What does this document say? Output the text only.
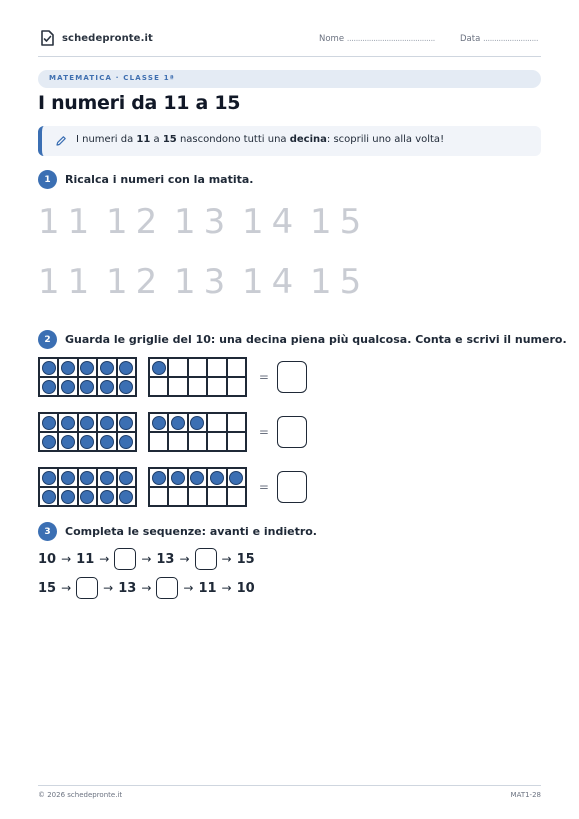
schedepronte.it	Nome ........................................	Data .........................
MATEMATICA · CLASSE 1ª
I numeri da 11 a 15
I numeri da 11 a 15 nascondono tutti una decina: scoprili uno alla volta!
1	Ricalca i numeri con la matita.
11 12 13 14 15
11 12 13 14 15
2	Guarda le griglie del 10: una decina piena più qualcosa. Conta e scrivi il numero.
=
=
=
3	Completa le sequenze: avanti e indietro.
10 → 11 →	→ 13 →	→ 15
15 →	→ 13 →	→ 11 → 10
© 2026 schedepronte.it	MAT1-28
